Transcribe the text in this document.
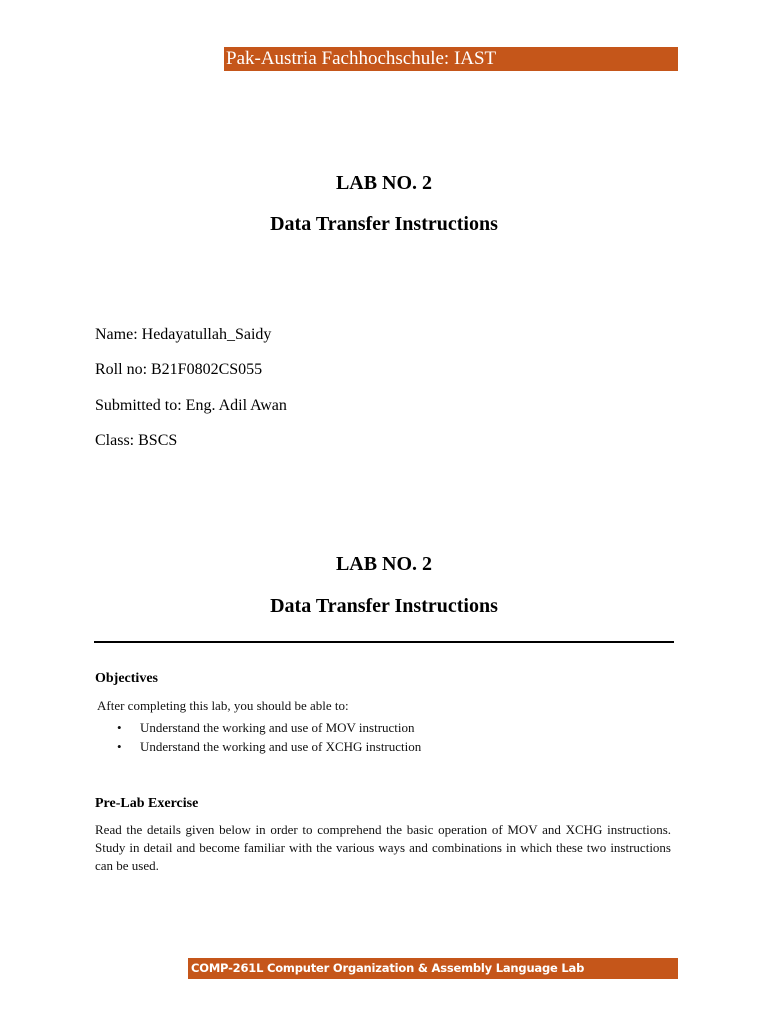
Pak-Austria Fachhochschule: IAST
LAB NO. 2
Data Transfer Instructions
Name: Hedayatullah_Saidy
Roll no: B21F0802CS055
Submitted to: Eng. Adil Awan
Class: BSCS
LAB NO. 2
Data Transfer Instructions
Objectives
After completing this lab, you should be able to:
• Understand the working and use of MOV instruction
• Understand the working and use of XCHG instruction
Pre-Lab Exercise
Read the details given below in order to comprehend the basic operation of MOV and XCHG instructions. Study in detail and become familiar with the various ways and combinations in which these two instructions can be used.
COMP-261L Computer Organization & Assembly Language Lab
